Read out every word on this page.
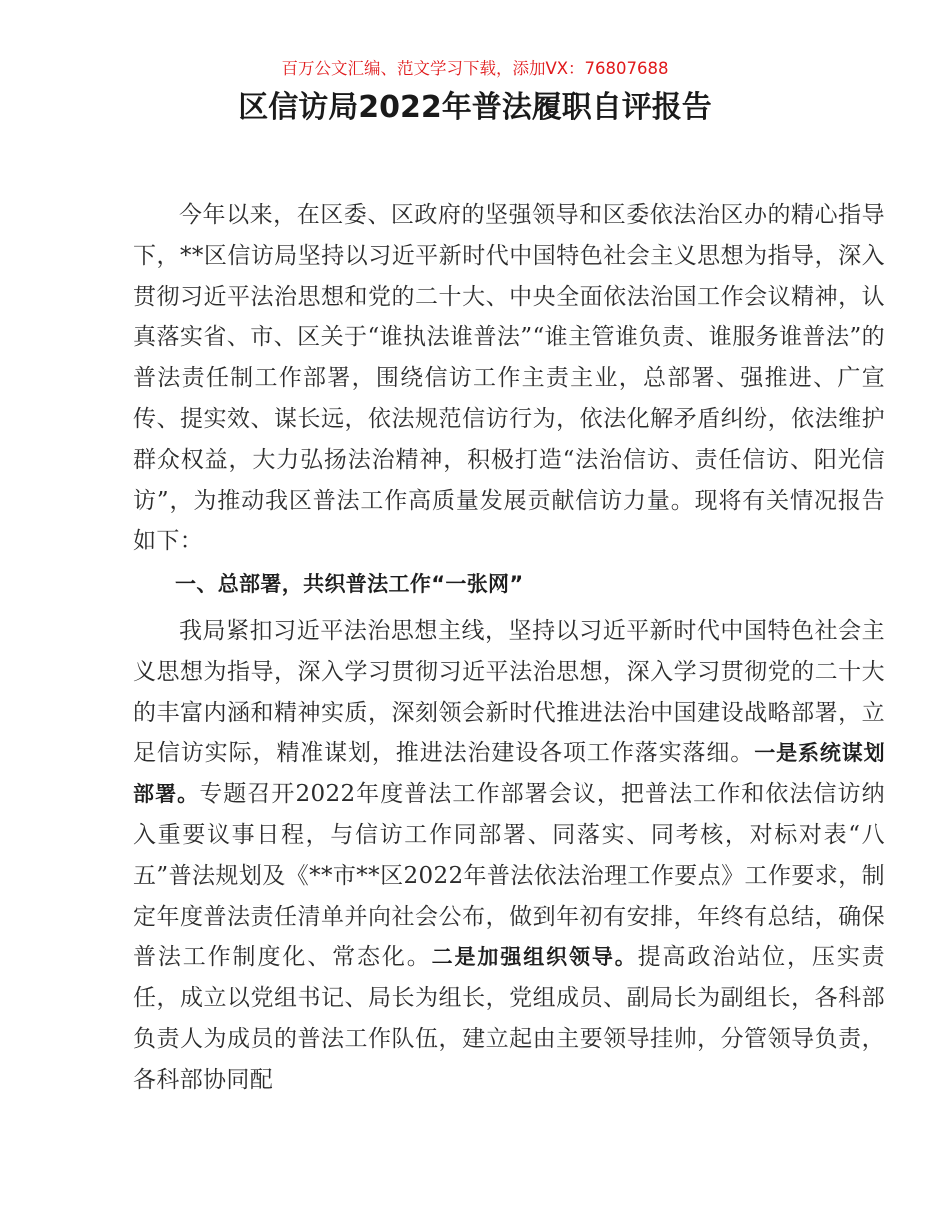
百万公文汇编、范文学习下载，添加VX：76807688
区信访局2022年普法履职自评报告

今年以来，在区委、区政府的坚强领导和区委依法治区办的精心指导下，**区信访局坚持以习近平新时代中国特色社会主义思想为指导，深入贯彻习近平法治思想和党的二十大、中央全面依法治国工作会议精神，认真落实省、市、区关于“谁执法谁普法”“谁主管谁负责、谁服务谁普法”的普法责任制工作部署，围绕信访工作主责主业，总部署、强推进、广宣传、提实效、谋长远，依法规范信访行为，依法化解矛盾纠纷，依法维护群众权益，大力弘扬法治精神，积极打造“法治信访、责任信访、阳光信访”，为推动我区普法工作高质量发展贡献信访力量。现将有关情况报告如下：

一、总部署，共织普法工作“一张网”

我局紧扣习近平法治思想主线，坚持以习近平新时代中国特色社会主义思想为指导，深入学习贯彻习近平法治思想，深入学习贯彻党的二十大的丰富内涵和精神实质，深刻领会新时代推进法治中国建设战略部署，立足信访实际，精准谋划，推进法治建设各项工作落实落细。一是系统谋划部署。专题召开2022年度普法工作部署会议，把普法工作和依法信访纳入重要议事日程，与信访工作同部署、同落实、同考核，对标对表“八五”普法规划及《**市**区2022年普法依法治理工作要点》工作要求，制定年度普法责任清单并向社会公布，做到年初有安排，年终有总结，确保普法工作制度化、常态化。二是加强组织领导。提高政治站位，压实责任，成立以党组书记、局长为组长，党组成员、副局长为副组长，各科部负责人为成员的普法工作队伍，建立起由主要领导挂帅，分管领导负责，各科部协同配
